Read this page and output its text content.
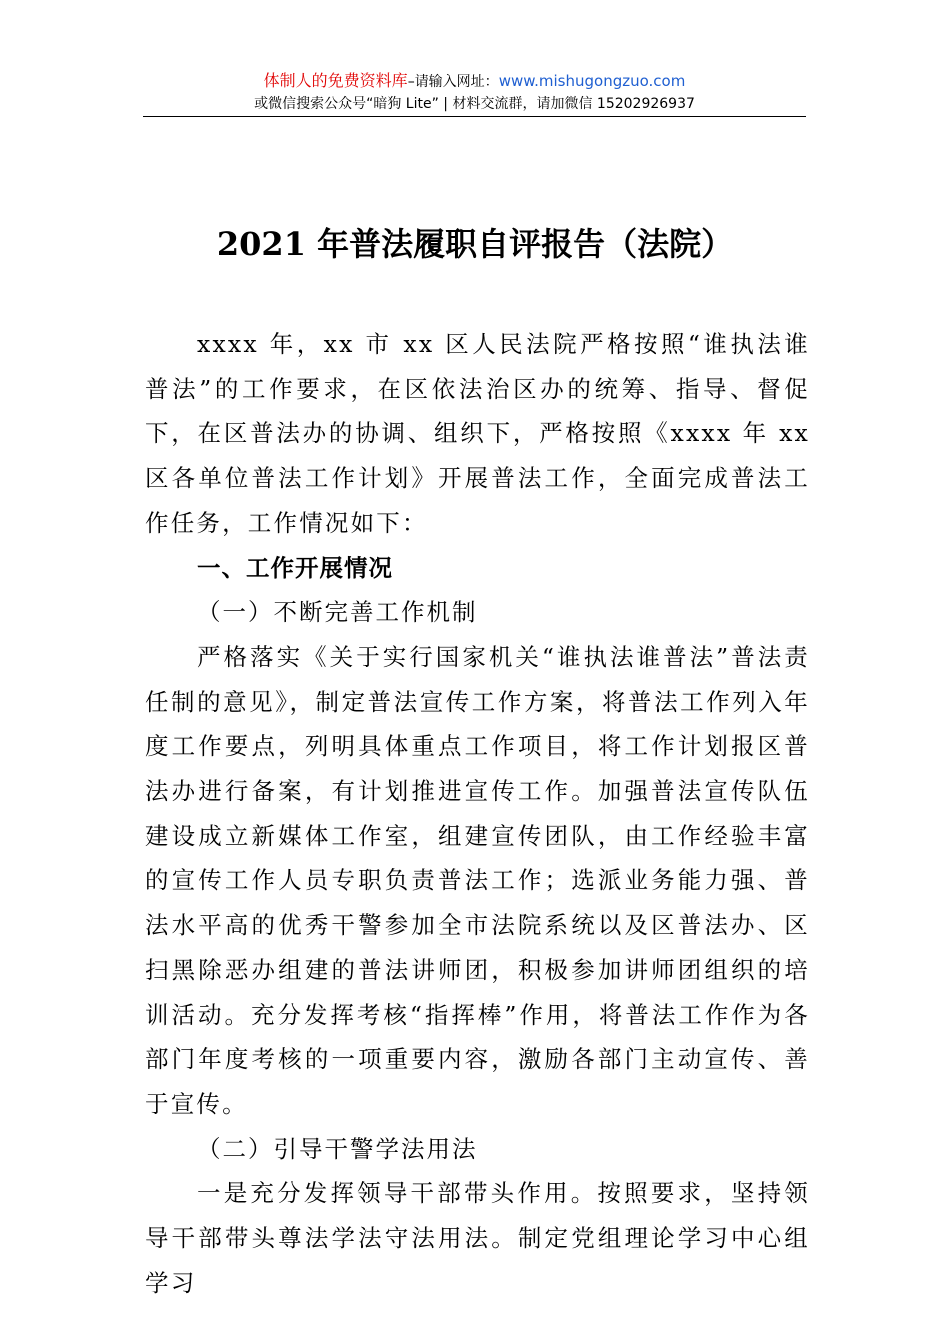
体制人的免费资料库–请输入网址：www.mishugongzuo.com
或微信搜索公众号“暗狗 Lite” | 材料交流群，请加微信 15202926937
2021 年普法履职自评报告（法院）

xxxx 年，xx 市 xx 区人民法院严格按照“谁执法谁普法”的工作要求，在区依法治区办的统筹、指导、督促下，在区普法办的协调、组织下，严格按照《xxxx 年 xx 区各单位普法工作计划》开展普法工作，全面完成普法工作任务，工作情况如下：

一、工作开展情况

（一）不断完善工作机制

严格落实《关于实行国家机关“谁执法谁普法”普法责任制的意见》，制定普法宣传工作方案，将普法工作列入年度工作要点，列明具体重点工作项目，将工作计划报区普法办进行备案，有计划推进宣传工作。加强普法宣传队伍建设成立新媒体工作室，组建宣传团队，由工作经验丰富的宣传工作人员专职负责普法工作；选派业务能力强、普法水平高的优秀干警参加全市法院系统以及区普法办、区扫黑除恶办组建的普法讲师团，积极参加讲师团组织的培训活动。充分发挥考核“指挥棒”作用，将普法工作作为各部门年度考核的一项重要内容，激励各部门主动宣传、善于宣传。

（二）引导干警学法用法

一是充分发挥领导干部带头作用。按照要求，坚持领导干部带头尊法学法守法用法。制定党组理论学习中心组学习
